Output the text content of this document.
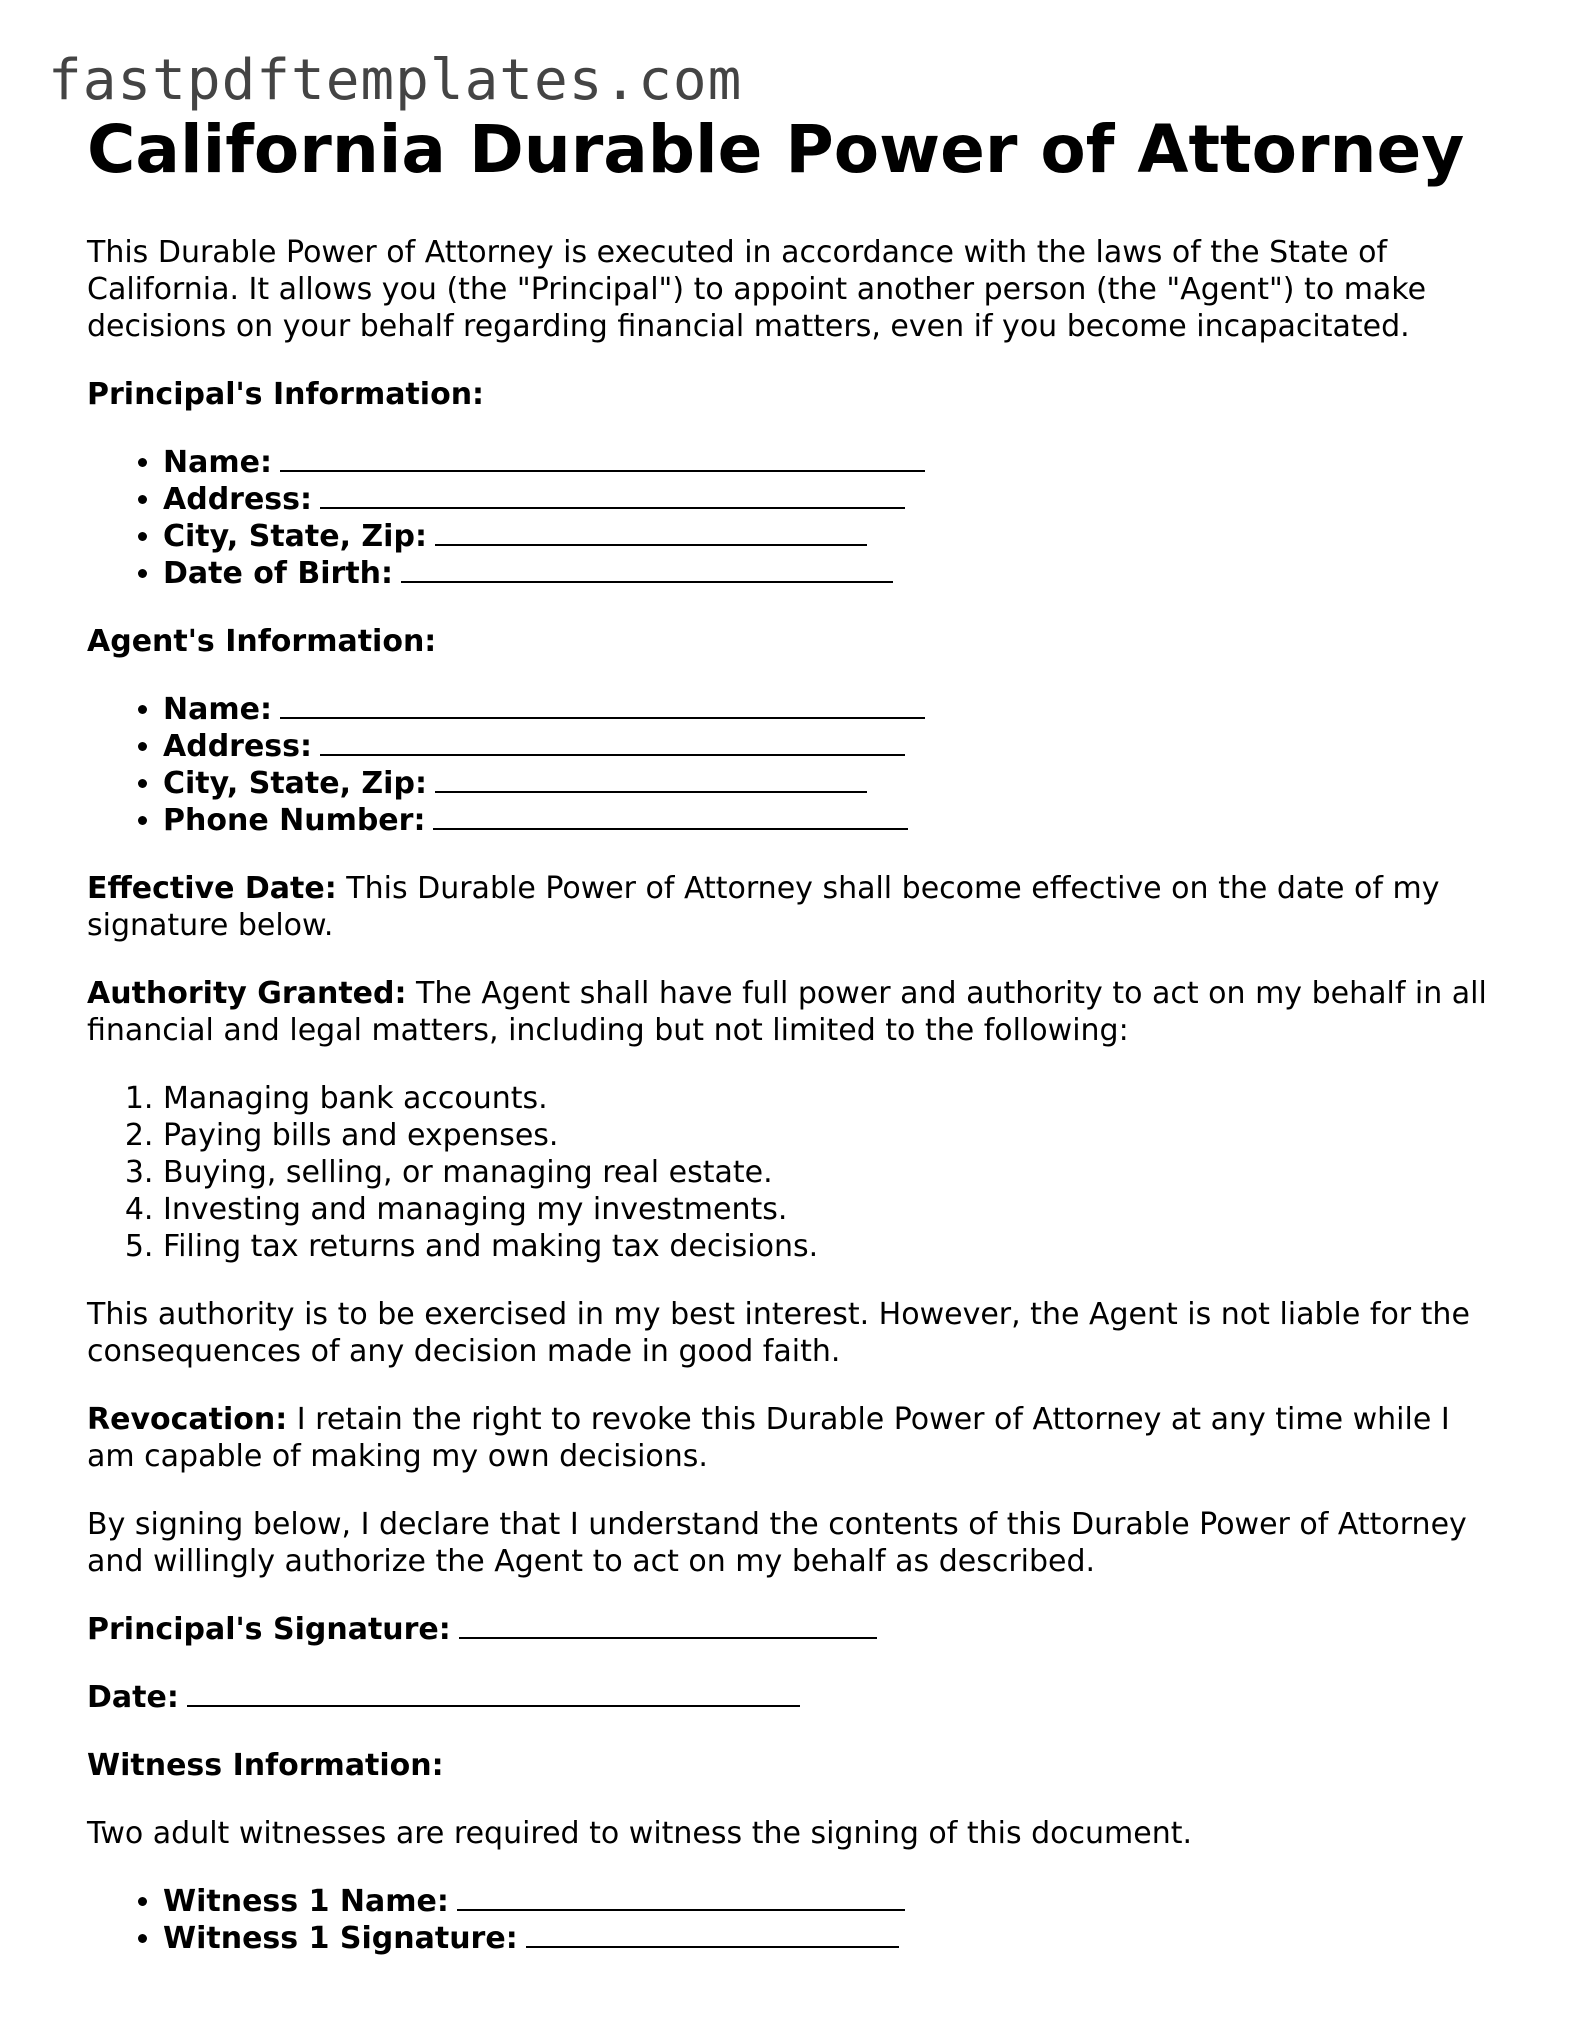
fastpdftemplates.com
California Durable Power of Attorney

This Durable Power of Attorney is executed in accordance with the laws of the State of California. It allows you (the "Principal") to appoint another person (the "Agent") to make decisions on your behalf regarding financial matters, even if you become incapacitated.

Principal's Information:
• Name:
• Address:
• City, State, Zip:
• Date of Birth:
Agent's Information:
• Name:
• Address:
• City, State, Zip:
• Phone Number:

Effective Date: This Durable Power of Attorney shall become effective on the date of my signature below.

Authority Granted: The Agent shall have full power and authority to act on my behalf in all financial and legal matters, including but not limited to the following:

1. Managing bank accounts.
2. Paying bills and expenses.
3. Buying, selling, or managing real estate.
4. Investing and managing my investments.
5. Filing tax returns and making tax decisions.

This authority is to be exercised in my best interest. However, the Agent is not liable for the consequences of any decision made in good faith.

Revocation: I retain the right to revoke this Durable Power of Attorney at any time while I am capable of making my own decisions.

By signing below, I declare that I understand the contents of this Durable Power of Attorney and willingly authorize the Agent to act on my behalf as described.

Principal's Signature:
Date:
Witness Information:

Two adult witnesses are required to witness the signing of this document.

• Witness 1 Name:
• Witness 1 Signature:
